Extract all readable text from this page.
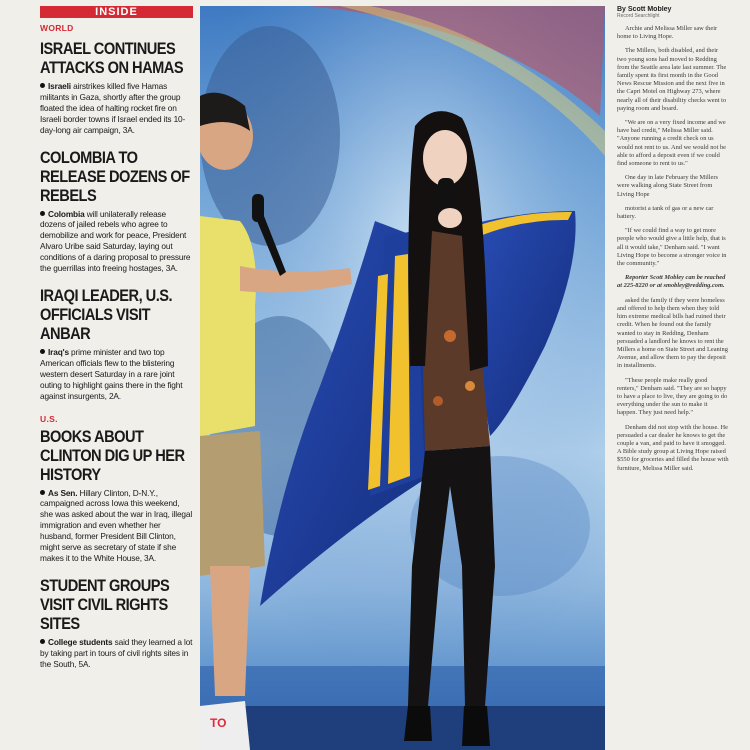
INSIDE
WORLD
ISRAEL CONTINUES ATTACKS ON HAMAS
Israeli airstrikes killed five Hamas militants in Gaza, shortly after the group floated the idea of halting rocket fire on Israeli border towns if Israel ended its 10-day-long air campaign, 3A.
COLOMBIA TO RELEASE DOZENS OF REBELS
Colombia will unilaterally release dozens of jailed rebels who agree to demobilize and work for peace, President Alvaro Uribe said Saturday, laying out conditions of a daring proposal to pressure the guerrillas into freeing hostages, 3A.
IRAQI LEADER, U.S. OFFICIALS VISIT ANBAR
Iraq's prime minister and two top American officials flew to the blistering western desert Saturday in a rare joint outing to highlight gains there in the fight against insurgents, 2A.
U.S.
BOOKS ABOUT CLINTON DIG UP HER HISTORY
As Sen. Hillary Clinton, D-N.Y., campaigned across Iowa this weekend, she was asked about the war in Iraq, illegal immigration and even whether her husband, former President Bill Clinton, might serve as secretary of state if she makes it to the White House, 3A.
STUDENT GROUPS VISIT CIVIL RIGHTS SITES
College students said they learned a lot by taking part in tours of civil rights sites in the South, 5A.
TO
By Scott Mobley
Record Searchlight

Archie and Melissa Miller saw their home to Living Hope.

The Millers, both disabled, and their two young sons had moved to Redding from the Seattle area late last summer. The family spent its first month in the Good News Rescue Mission and the next five in the Capri Motel on Highway 273, where nearly all of their disability checks went to paying room and board.

"We are on a very fixed income and we have bad credit," Melissa Miller said. "Anyone running a credit check on us would not rent to us. And we would not be able to afford a deposit even if we could find someone to rent to us."

One day in late February the Millers were walking along State Street from Living Hope

motorist a tank of gas or a new car battery.

"If we could find a way to get more people who would give a little help, that is all it would take," Denham said. "I want Living Hope to become a stronger voice in the community."

Reporter Scott Mobley can be reached at 225-8220 or at smobley@redding.com.

asked the family if they were homeless and offered to help them when they told him extreme medical bills had ruined their credit. When he found out the family wanted to stay in Redding, Denham persuaded a landlord he knows to rent the Millers a home on State Street and Leaning Avenue, and allow them to pay the deposit in installments.

"These people make really good renters," Denham said. "They are so happy to have a place to live, they are going to do everything under the sun to make it happen. They just need help."

Denham did not stop with the house. He persuaded a car dealer he knows to get the couple a van, and paid to have it smogged. A Bible study group at Living Hope raised $550 for groceries and filled the house with furniture, Melissa Miller said.
